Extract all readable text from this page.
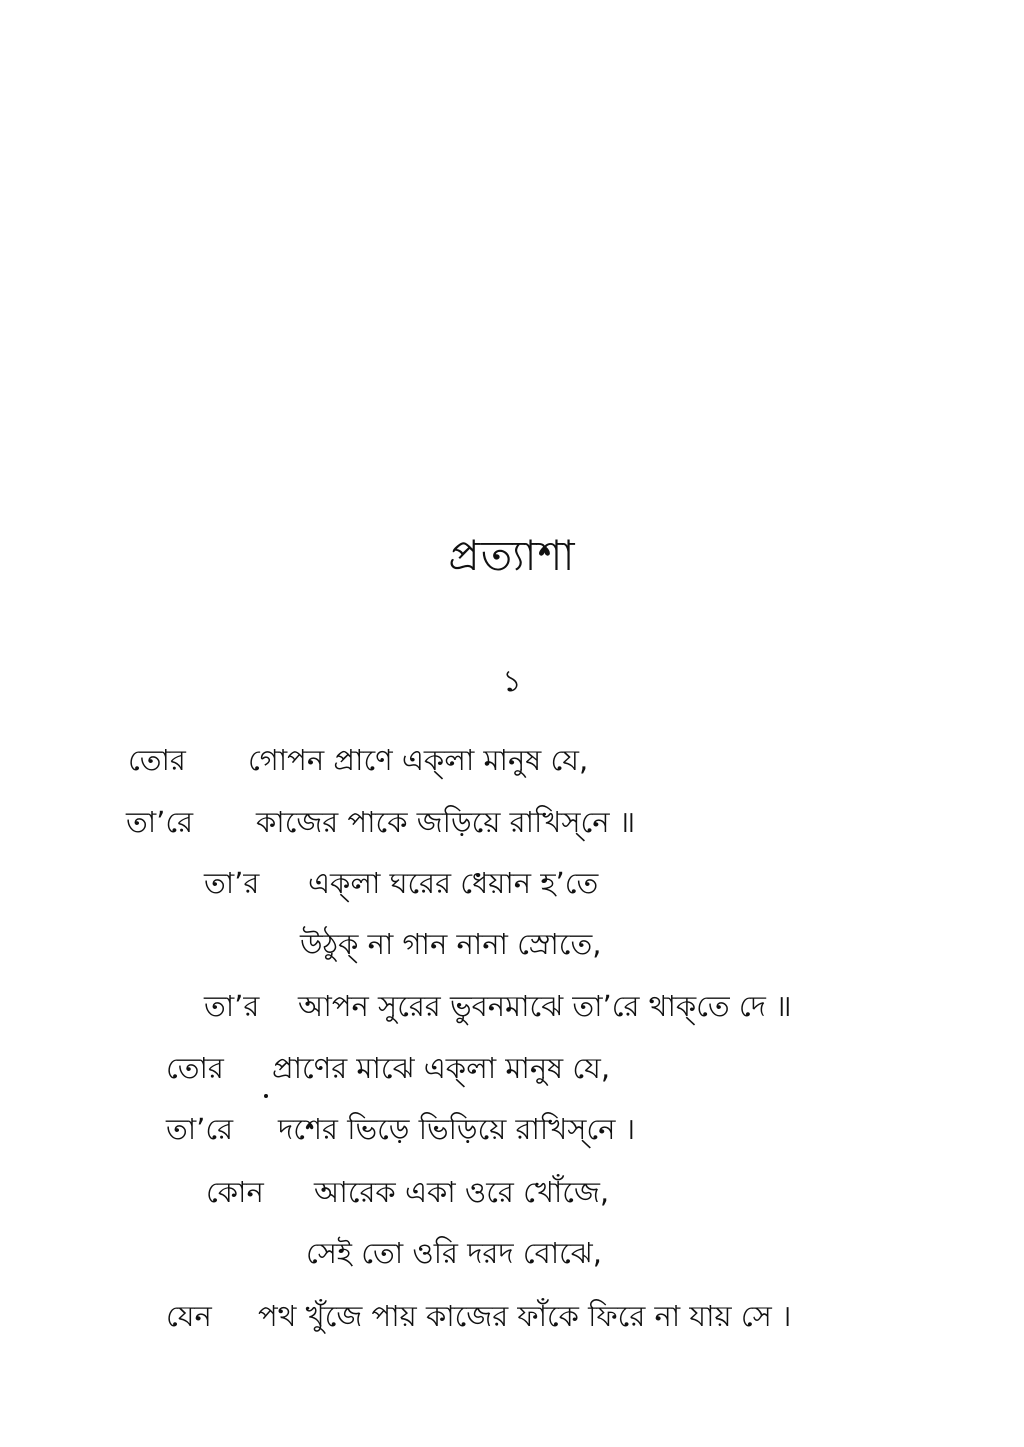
প্রত্যাশা
১
তোর গোপন প্রাণে এক্‌লা মানুষ যে,
তা’রে কাজের পাকে জড়িয়ে রাখিস্‌নে ॥
তা’র এক্‌লা ঘরের ধেয়ান হ’তে
উঠুক্‌ না গান নানা স্রোতে,
তা’র আপন সুরের ভুবনমাঝে তা’রে থাক্‌তে দে ॥
তোর প্রাণের মাঝে এক্‌লা মানুষ যে,
তা’রে দশের ভিড়ে ভিড়িয়ে রাখিস্‌নে ।
কোন আরেক একা ওরে খোঁজে,
সেই তো ওরি দরদ বোঝে,
যেন পথ খুঁজে পায় কাজের ফাঁকে ফিরে না যায় সে ।
